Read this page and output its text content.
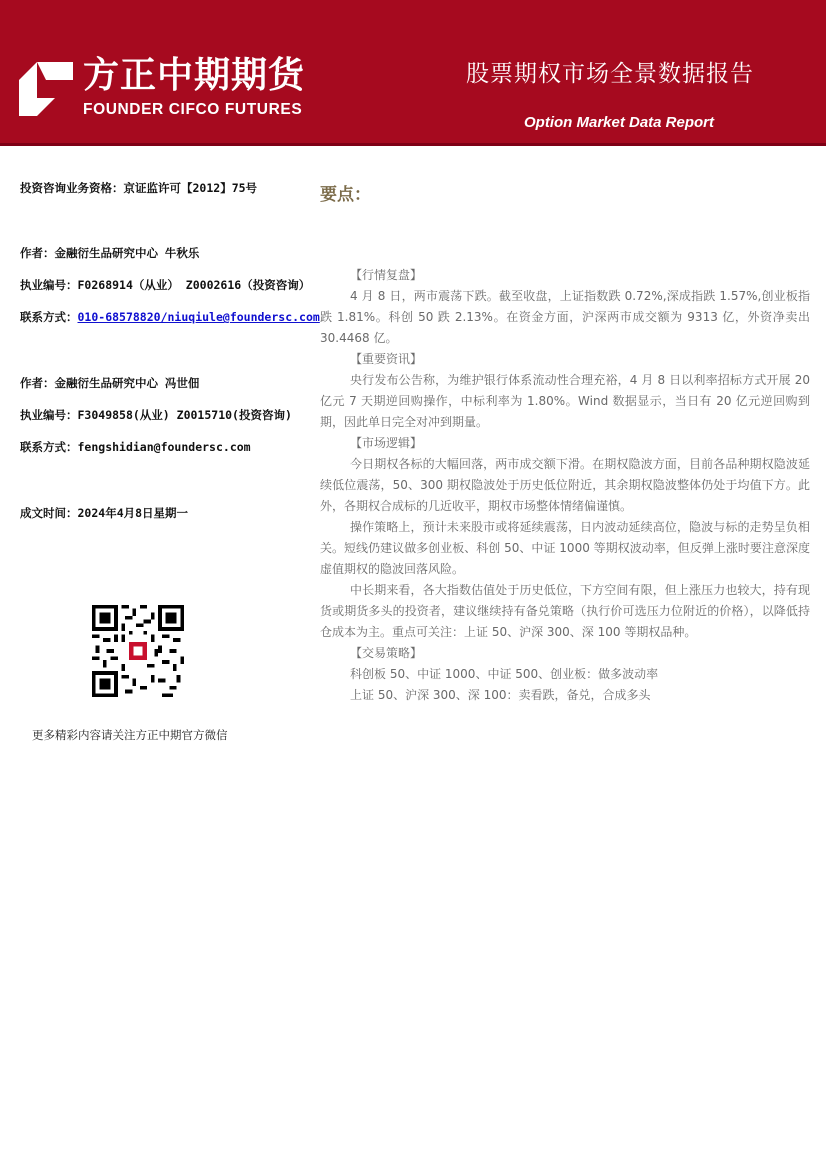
方正中期期货
FOUNDER CIFCO FUTURES
股票期权市场全景数据报告
Option Market Data Report
投资咨询业务资格：京证监许可【2012】75号
作者：金融衍生品研究中心 牛秋乐
执业编号：F0268914（从业） Z0002616（投资咨询）
联系方式：010-68578820/niuqiule@foundersc.com
作者：金融衍生品研究中心 冯世佃
执业编号：F3049858(从业) Z0015710(投资咨询)
联系方式：fengshidian@foundersc.com
成文时间：2024年4月8日星期一
更多精彩内容请关注方正中期官方微信
要点：
【行情复盘】

4 月 8 日，两市震荡下跌。截至收盘，上证指数跌 0.72%,深成指跌 1.57%,创业板指跌 1.81%。科创 50 跌 2.13%。在资金方面，沪深两市成交额为 9313 亿，外资净卖出 30.4468 亿。

【重要资讯】

央行发布公告称，为维护银行体系流动性合理充裕，4 月 8 日以利率招标方式开展 20 亿元 7 天期逆回购操作，中标利率为 1.80%。Wind 数据显示，当日有 20 亿元逆回购到期，因此单日完全对冲到期量。

【市场逻辑】

今日期权各标的大幅回落，两市成交额下滑。在期权隐波方面，目前各品种期权隐波延续低位震荡，50、300 期权隐波处于历史低位附近，其余期权隐波整体仍处于均值下方。此外，各期权合成标的几近收平，期权市场整体情绪偏谨慎。

操作策略上，预计未来股市或将延续震荡，日内波动延续高位，隐波与标的走势呈负相关。短线仍建议做多创业板、科创 50、中证 1000 等期权波动率，但反弹上涨时要注意深度虚值期权的隐波回落风险。

中长期来看，各大指数估值处于历史低位，下方空间有限，但上涨压力也较大，持有现货或期货多头的投资者，建议继续持有备兑策略（执行价可选压力位附近的价格），以降低持仓成本为主。重点可关注：上证 50、沪深 300、深 100 等期权品种。

【交易策略】
科创板 50、中证 1000、中证 500、创业板：做多波动率
上证 50、沪深 300、深 100：卖看跌，备兑，合成多头
